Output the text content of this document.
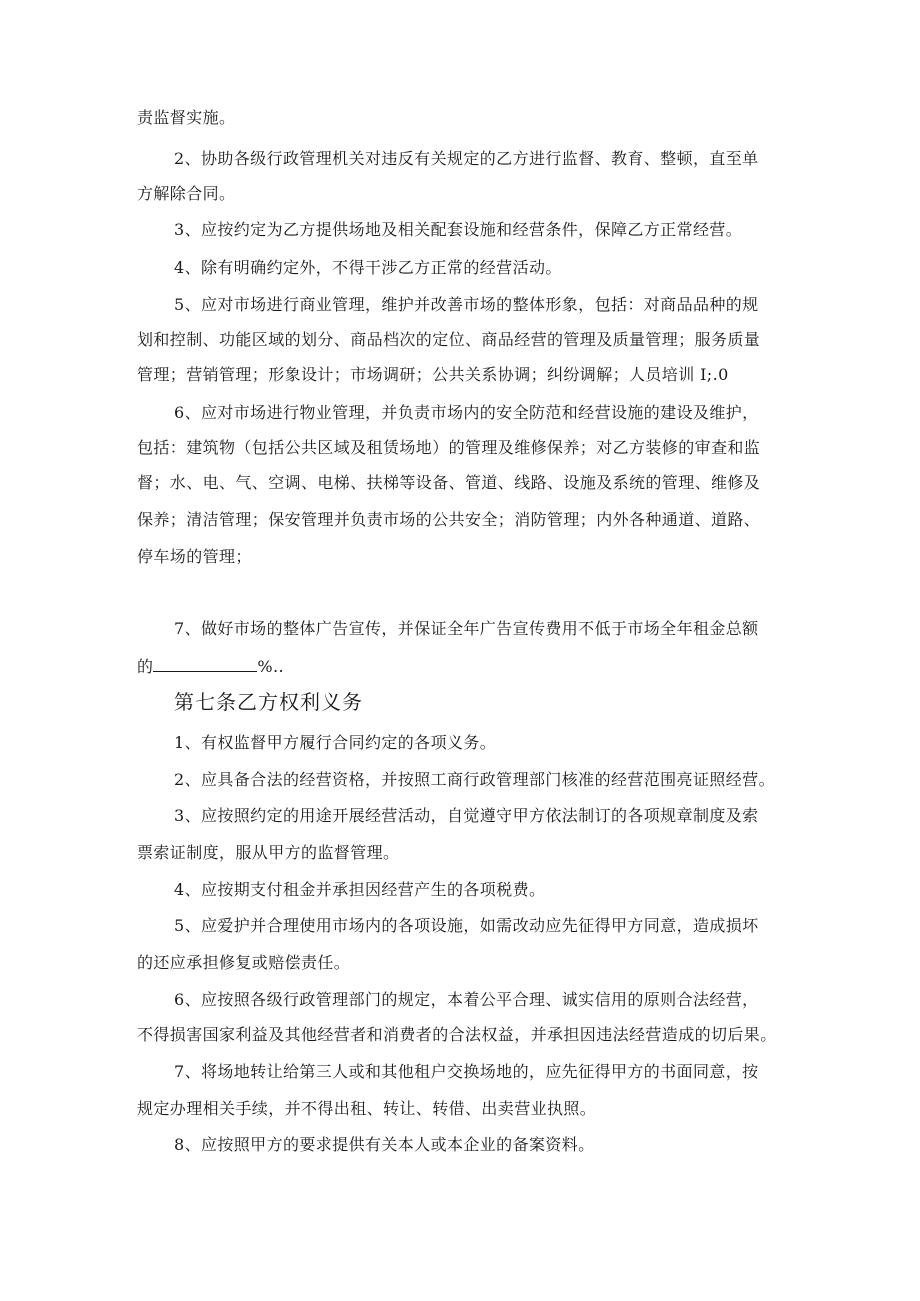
责监督实施。
2、协助各级行政管理机关对违反有关规定的乙方进行监督、教育、整顿，直至单
方解除合同。
3、应按约定为乙方提供场地及相关配套设施和经营条件，保障乙方正常经营。
4、除有明确约定外，不得干涉乙方正常的经营活动。
5、应对市场进行商业管理，维护并改善市场的整体形象，包括：对商品品种的规
划和控制、功能区域的划分、商品档次的定位、商品经营的管理及质量管理；服务质量
管理；营销管理；形象设计；市场调研；公共关系协调；纠纷调解；人员培训 I;.0
6、应对市场进行物业管理，并负责市场内的安全防范和经营设施的建设及维护，
包括：建筑物（包括公共区域及租赁场地）的管理及维修保养；对乙方装修的审查和监
督；水、电、气、空调、电梯、扶梯等设备、管道、线路、设施及系统的管理、维修及
保养；清洁管理；保安管理并负责市场的公共安全；消防管理；内外各种通道、道路、
停车场的管理；
7、做好市场的整体广告宣传，并保证全年广告宣传费用不低于市场全年租金总额
的	%..
第七条乙方权利义务
1、有权监督甲方履行合同约定的各项义务。
2、应具备合法的经营资格，并按照工商行政管理部门核准的经营范围亮证照经营。
3、应按照约定的用途开展经营活动，自觉遵守甲方依法制订的各项规章制度及索
票索证制度，服从甲方的监督管理。
4、应按期支付租金并承担因经营产生的各项税费。
5、应爱护并合理使用市场内的各项设施，如需改动应先征得甲方同意，造成损坏
的还应承担修复或赔偿责任。
6、应按照各级行政管理部门的规定，本着公平合理、诚实信用的原则合法经营，
不得损害国家利益及其他经营者和消费者的合法权益，并承担因违法经营造成的切后果。
7、将场地转让给第三人或和其他租户交换场地的，应先征得甲方的书面同意，按
规定办理相关手续，并不得出租、转让、转借、出卖营业执照。
8、应按照甲方的要求提供有关本人或本企业的备案资料。
